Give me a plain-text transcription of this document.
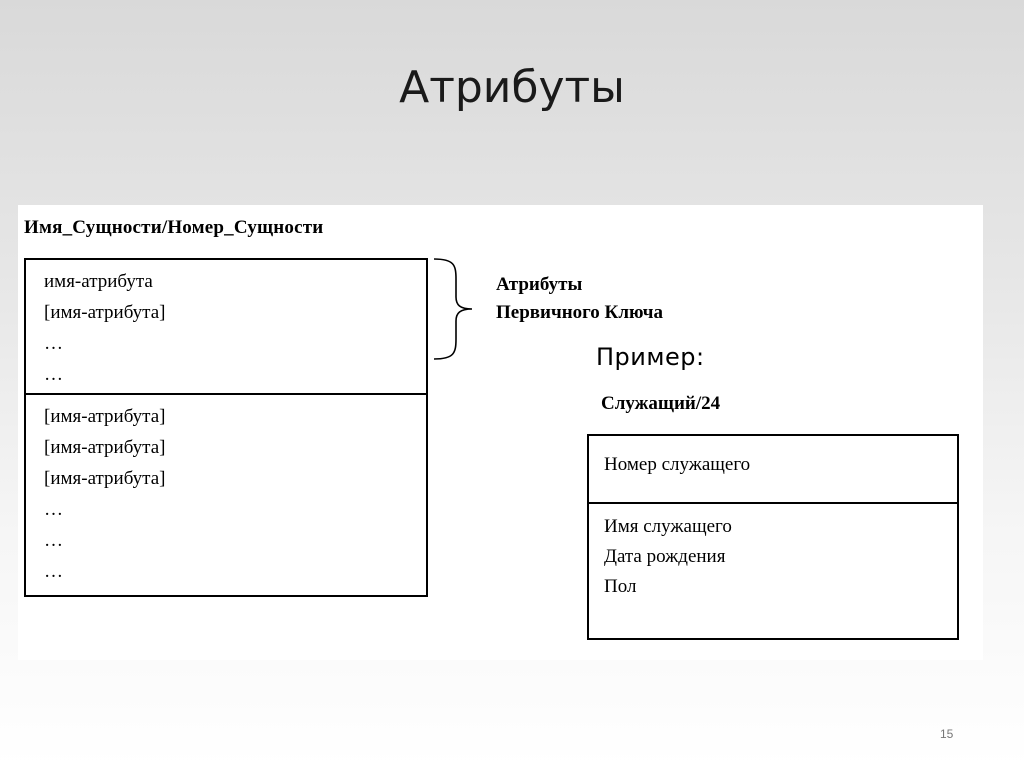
Атрибуты
Имя_Сущности/Номер_Сущности
имя-атрибута
[имя-атрибута]
…
…
[имя-атрибута]
[имя-атрибута]
[имя-атрибута]
…
…
…
Атрибуты
Первичного Ключа
Пример:
Служащий/24
Номер служащего
Имя служащего
Дата рождения
Пол
15
